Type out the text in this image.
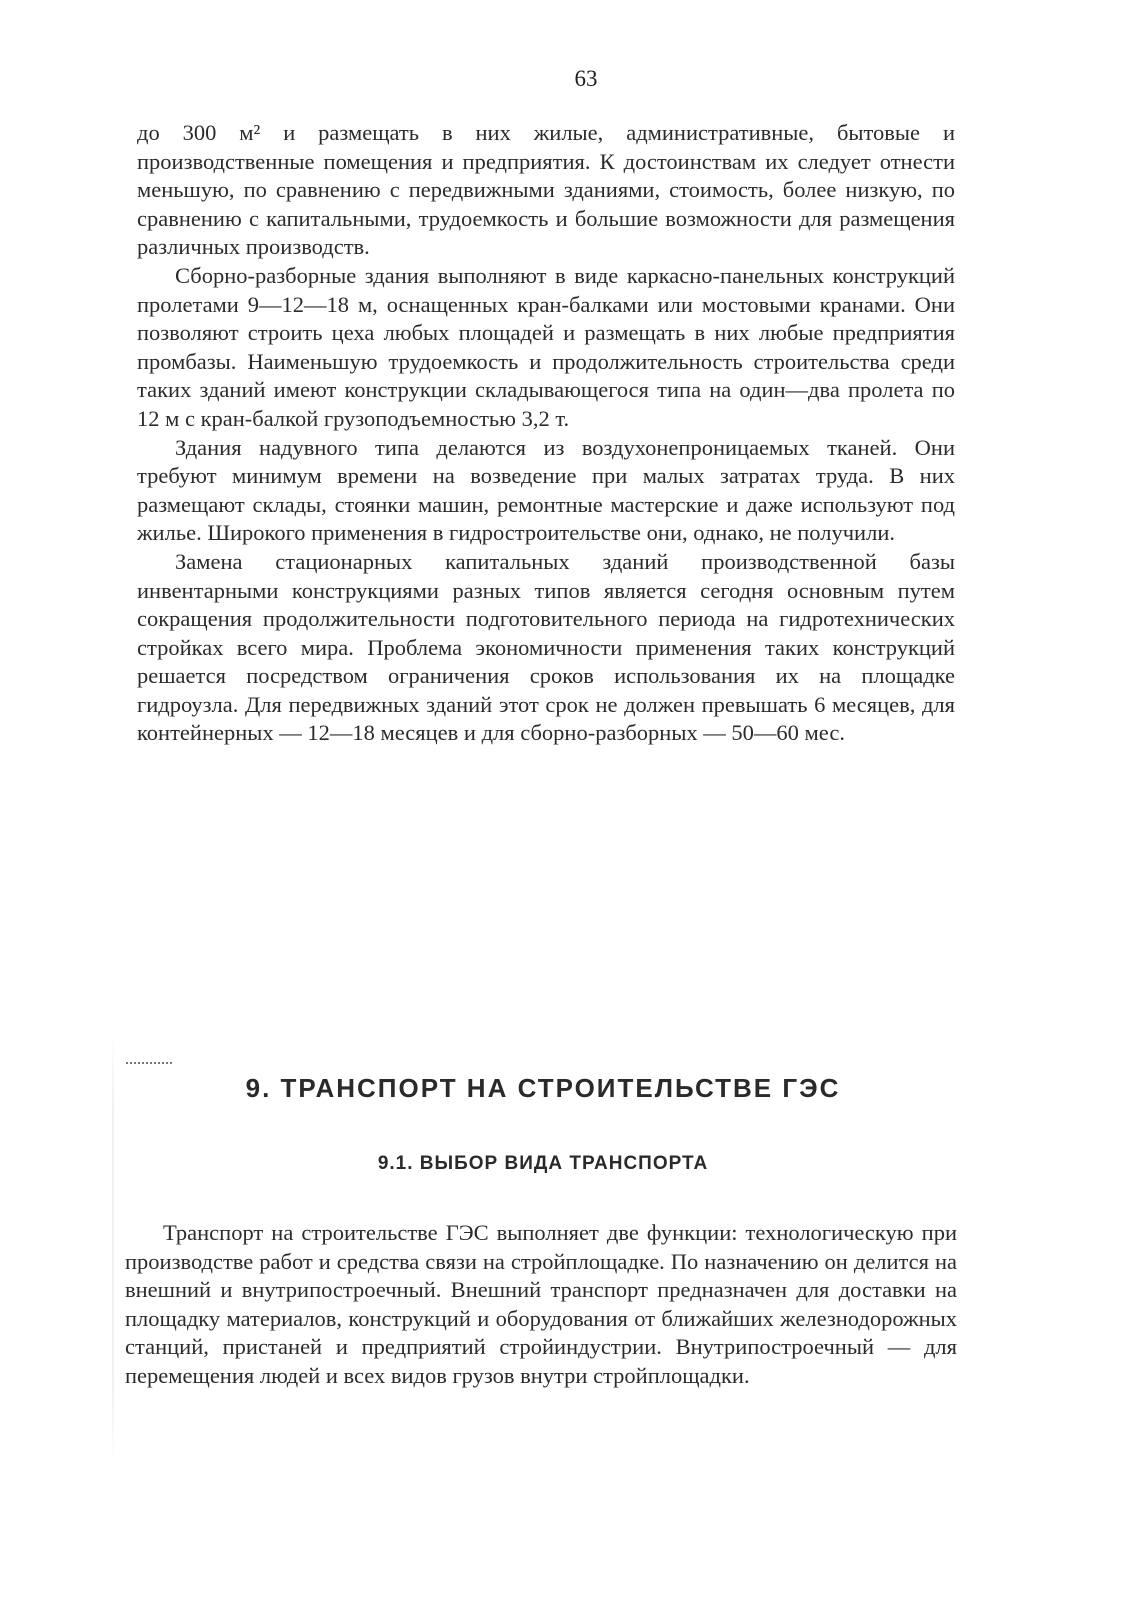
63

до 300 м² и размещать в них жилые, административные, бытовые и производственные помещения и предприятия. К достоинствам их следует отнести меньшую, по сравнению с передвижными зданиями, стоимость, более низкую, по сравнению с капитальными, трудоемкость и большие возможности для размещения различных производств.

Сборно-разборные здания выполняют в виде каркасно-панельных конструкций пролетами 9—12—18 м, оснащенных кран-балками или мостовыми кранами. Они позволяют строить цеха любых площадей и размещать в них любые предприятия промбазы. Наименьшую трудоемкость и продолжительность строительства среди таких зданий имеют конструкции складывающегося типа на один—два пролета по 12 м с кран-балкой грузоподъемностью 3,2 т.

Здания надувного типа делаются из воздухонепроницаемых тканей. Они требуют минимум времени на возведение при малых затратах труда. В них размещают склады, стоянки машин, ремонтные мастерские и даже используют под жилье. Широкого применения в гидростроительстве они, однако, не получили.

Замена стационарных капитальных зданий производственной базы инвентарными конструкциями разных типов является сегодня основным путем сокращения продолжительности подготовительного периода на гидротехнических стройках всего мира. Проблема экономичности применения таких конструкций решается посредством ограничения сроков использования их на площадке гидроузла. Для передвижных зданий этот срок не должен превышать 6 месяцев, для контейнерных — 12—18 месяцев и для сборно-разборных — 50—60 мес.

9. ТРАНСПОРТ НА СТРОИТЕЛЬСТВЕ ГЭС
9.1. ВЫБОР ВИДА ТРАНСПОРТА

Транспорт на строительстве ГЭС выполняет две функции: технологическую при производстве работ и средства связи на стройплощадке. По назначению он делится на внешний и внутрипостроечный. Внешний транспорт предназначен для доставки на площадку материалов, конструкций и оборудования от ближайших железнодорожных станций, пристаней и предприятий стройиндустрии. Внутрипостроечный — для перемещения людей и всех видов грузов внутри стройплощадки.
